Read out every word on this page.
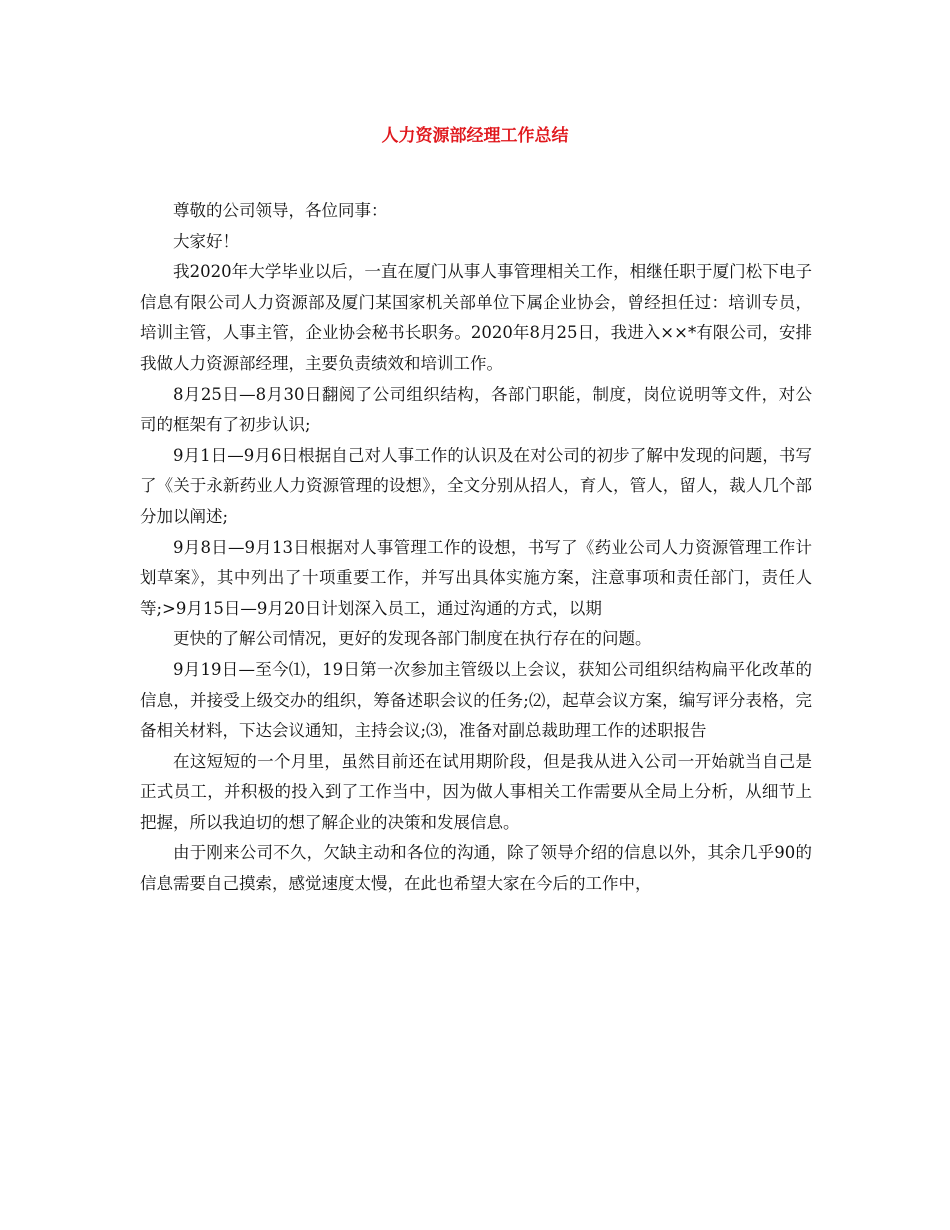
人力资源部经理工作总结

尊敬的公司领导，各位同事：

大家好！

我2020年大学毕业以后，一直在厦门从事人事管理相关工作，相继任职于厦门松下电子信息有限公司人力资源部及厦门某国家机关部单位下属企业协会，曾经担任过：培训专员，培训主管，人事主管，企业协会秘书长职务。2020年8月25日，我进入××*有限公司，安排我做人力资源部经理，主要负责绩效和培训工作。

8月25日—8月30日翻阅了公司组织结构，各部门职能，制度，岗位说明等文件，对公司的框架有了初步认识;

9月1日—9月6日根据自己对人事工作的认识及在对公司的初步了解中发现的问题，书写了《关于永新药业人力资源管理的设想》，全文分别从招人，育人，管人，留人，裁人几个部分加以阐述;

9月8日—9月13日根据对人事管理工作的设想，书写了《药业公司人力资源管理工作计划草案》，其中列出了十项重要工作，并写出具体实施方案，注意事项和责任部门，责任人等;>9月15日—9月20日计划深入员工，通过沟通的方式，以期

更快的了解公司情况，更好的发现各部门制度在执行存在的问题。

9月19日—至今⑴，19日第一次参加主管级以上会议，获知公司组织结构扁平化改革的信息，并接受上级交办的组织，筹备述职会议的任务;⑵，起草会议方案，编写评分表格，完备相关材料，下达会议通知，主持会议;⑶，准备对副总裁助理工作的述职报告

在这短短的一个月里，虽然目前还在试用期阶段，但是我从进入公司一开始就当自己是正式员工，并积极的投入到了工作当中，因为做人事相关工作需要从全局上分析，从细节上把握，所以我迫切的想了解企业的决策和发展信息。

由于刚来公司不久，欠缺主动和各位的沟通，除了领导介绍的信息以外，其余几乎90的信息需要自己摸索，感觉速度太慢，在此也希望大家在今后的工作中，
